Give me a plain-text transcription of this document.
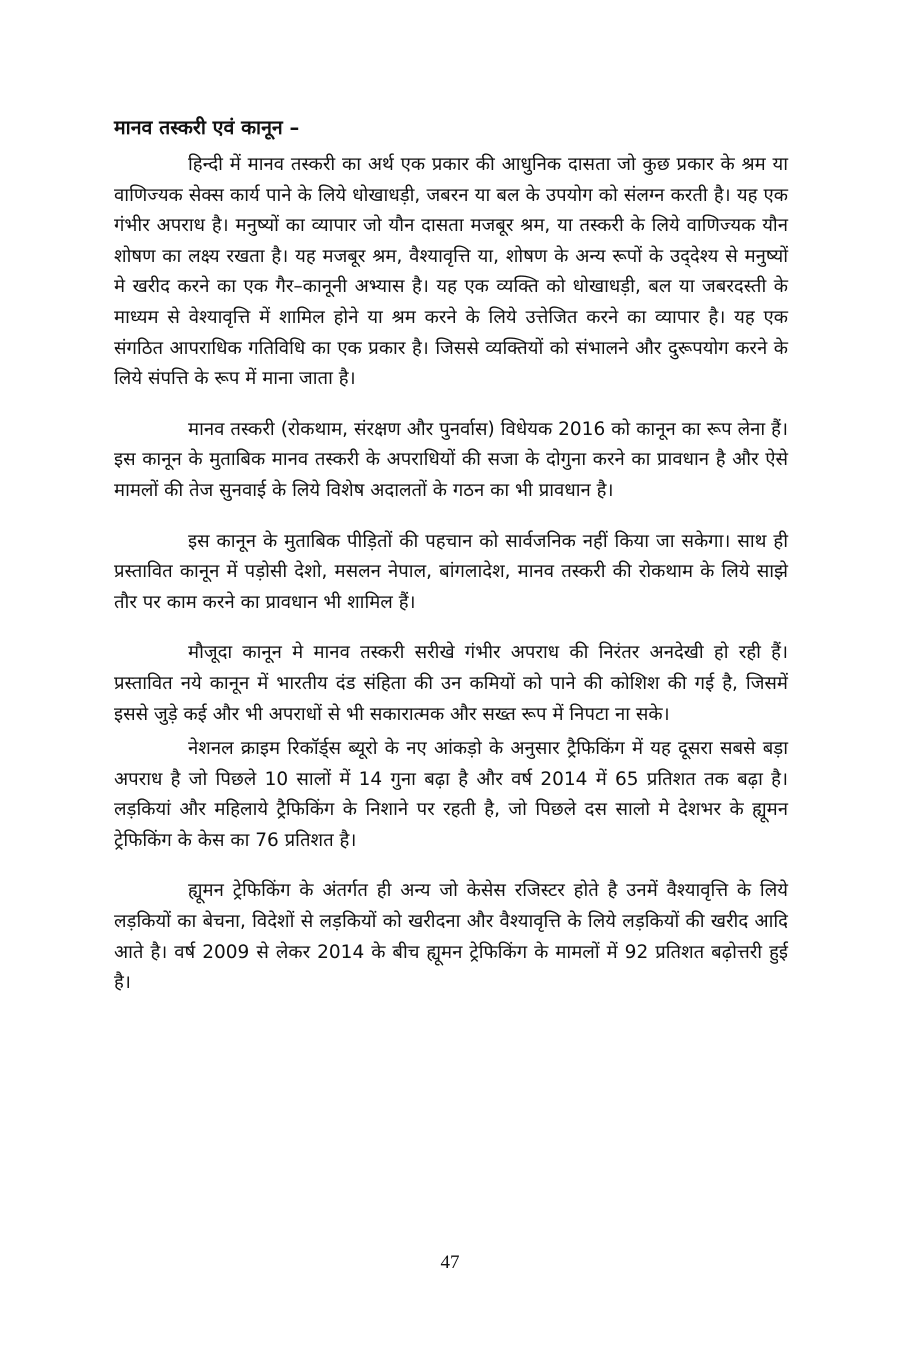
मानव तस्करी एवं कानून –

हिन्दी में मानव तस्करी का अर्थ एक प्रकार की आधुनिक दासता जो कुछ प्रकार के श्रम या वाणिज्यक सेक्स कार्य पाने के लिये धोखाधड़ी, जबरन या बल के उपयोग को संलग्न करती है। यह एक गंभीर अपराध है। मनुष्यों का व्यापार जो यौन दासता मजबूर श्रम, या तस्करी के लिये वाणिज्यक यौन शोषण का लक्ष्य रखता है। यह मजबूर श्रम, वैश्यावृत्ति या, शोषण के अन्य रूपों के उद्‌देश्य से मनुष्यों मे खरीद करने का एक गैर–कानूनी अभ्यास है। यह एक व्यक्ति को धोखाधड़ी, बल या जबरदस्ती के माध्यम से वेश्यावृत्ति में शामिल होने या श्रम करने के लिये उत्तेजित करने का व्यापार है। यह एक संगठित आपराधिक गतिविधि का एक प्रकार है। जिससे व्यक्तियों को संभालने और दुरूपयोग करने के लिये संपत्ति के रूप में माना जाता है।

मानव तस्करी (रोकथाम, संरक्षण और पुनर्वास) विधेयक 2016 को कानून का रूप लेना हैं। इस कानून के मुताबिक मानव तस्करी के अपराधियों की सजा के दोगुना करने का प्रावधान है और ऐसे मामलों की तेज सुनवाई के लिये विशेष अदालतों के गठन का भी प्रावधान है।

इस कानून के मुताबिक पीड़ितों की पहचान को सार्वजनिक नहीं किया जा सकेगा। साथ ही प्रस्तावित कानून में पड़ोसी देशो, मसलन नेपाल, बांगलादेश, मानव तस्करी की रोकथाम के लिये साझे तौर पर काम करने का प्रावधान भी शामिल हैं।

मौजूदा कानून मे मानव तस्करी सरीखे गंभीर अपराध की निरंतर अनदेखी हो रही हैं। प्रस्तावित नये कानून में भारतीय दंड संहिता की उन कमियों को पाने की कोशिश की गई है, जिसमें इससे जुड़े कई और भी अपराधों से भी सकारात्मक और सख्त रूप में निपटा ना सके।

नेशनल क्राइम रिकॉर्ड्स ब्यूरो के नए आंकड़ो के अनुसार ट्रैफिकिंग में यह दूसरा सबसे बड़ा अपराध है जो पिछले 10 सालों में 14 गुना बढ़ा है और वर्ष 2014 में 65 प्रतिशत तक बढ़ा है। लड़कियां और महिलाये ट्रैफिकिंग के निशाने पर रहती है, जो पिछले दस सालो मे देशभर के ह्यूमन ट्रेफिकिंग के केस का 76 प्रतिशत है।

ह्यूमन ट्रेफिकिंग के अंतर्गत ही अन्य जो केसेस रजिस्टर होते है उनमें वैश्यावृत्ति के लिये लड़कियों का बेचना, विदेशों से लड़कियों को खरीदना और वैश्यावृत्ति के लिये लड़कियों की खरीद आदि आते है। वर्ष 2009 से लेकर 2014 के बीच ह्यूमन ट्रेफिकिंग के मामलों में 92 प्रतिशत बढ़ोत्तरी हुई है।

47
